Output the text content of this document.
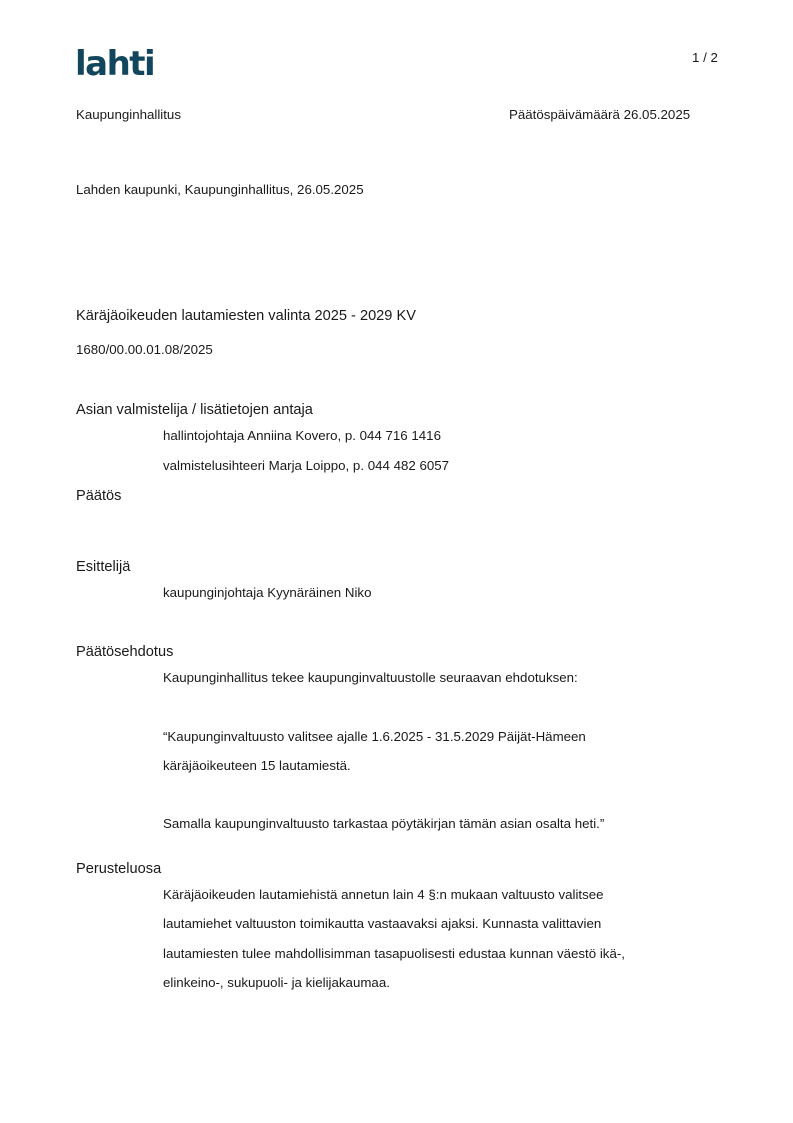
lahti	1 / 2
Kaupunginhallitus	Päätöspäivämäärä 26.05.2025
Lahden kaupunki, Kaupunginhallitus, 26.05.2025
Käräjäoikeuden lautamiesten valinta 2025 - 2029 KV
1680/00.00.01.08/2025
Asian valmistelija / lisätietojen antaja
hallintojohtaja Anniina Kovero, p. 044 716 1416
valmistelusihteeri Marja Loippo, p. 044 482 6057
Päätös
Esittelijä
kaupunginjohtaja Kyynäräinen Niko
Päätösehdotus
Kaupunginhallitus tekee kaupunginvaltuustolle seuraavan ehdotuksen:
“Kaupunginvaltuusto valitsee ajalle 1.6.2025 - 31.5.2029 Päijät-Hämeen
käräjäoikeuteen 15 lautamiestä.
Samalla kaupunginvaltuusto tarkastaa pöytäkirjan tämän asian osalta heti.”
Perusteluosa
Käräjäoikeuden lautamiehistä annetun lain 4 §:n mukaan valtuusto valitsee
lautamiehet valtuuston toimikautta vastaavaksi ajaksi. Kunnasta valittavien
lautamiesten tulee mahdollisimman tasapuolisesti edustaa kunnan väestö ikä-,
elinkeino-, sukupuoli- ja kielijakaumaa.
